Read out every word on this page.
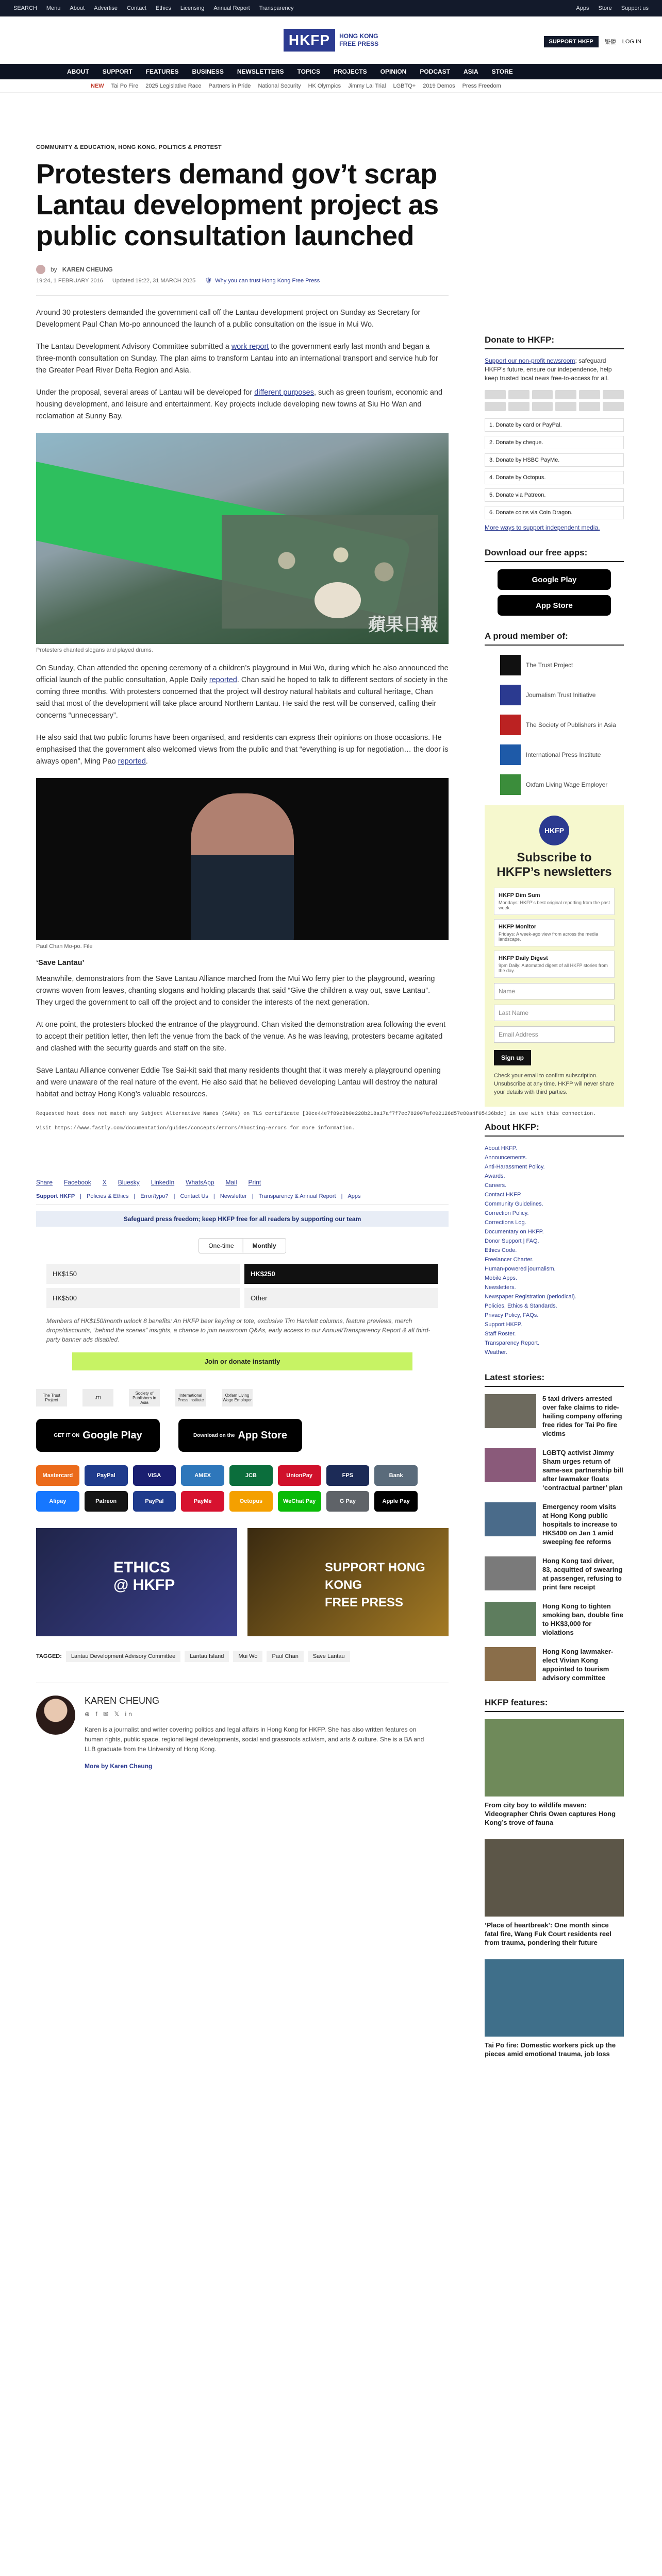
SEARCH Menu About Advertise Contact Ethics Licensing Annual Report Transparency	Apps Store Support us
HKFP	HONG KONG
FREE PRESS	SUPPORT HKFP	繁體 LOG IN
ABOUT SUPPORT FEATURES BUSINESS NEWSLETTERS TOPICS PROJECTS OPINION PODCAST ASIA STORE
NEW Tai Po Fire 2025 Legislative Race Partners in Pride National Security HK Olympics Jimmy Lai Trial LGBTQ+ 2019 Demos Press Freedom
COMMUNITY & EDUCATION, HONG KONG, POLITICS & PROTEST
Protesters demand gov’t scrap Lantau development project as public consultation launched
by KAREN CHEUNG
19:24, 1 FEBRUARY 2016 Updated 19:22, 31 MARCH 2025 🛡 Why you can trust Hong Kong Free Press

Around 30 protesters demanded the government call off the Lantau development project on Sunday as Secretary for Development Paul Chan Mo-po announced the launch of a public consultation on the issue in Mui Wo.

The Lantau Development Advisory Committee submitted a work report to the government early last month and began a three-month consultation on Sunday. The plan aims to transform Lantau into an international transport and service hub for the Greater Pearl River Delta Region and Asia.

Under the proposal, several areas of Lantau will be developed for different purposes, such as green tourism, economic and housing development, and leisure and entertainment. Key projects include developing new towns at Siu Ho Wan and reclamation at Sunny Bay.

蘋果日報
Protesters chanted slogans and played drums.

On Sunday, Chan attended the opening ceremony of a children’s playground in Mui Wo, during which he also announced the official launch of the public consultation, Apple Daily reported. Chan said he hoped to talk to different sectors of society in the coming three months. With protesters concerned that the project will destroy natural habitats and cultural heritage, Chan said that most of the development will take place around Northern Lantau. He said the rest will be conserved, calling their concerns “unnecessary”.

He also said that two public forums have been organised, and residents can express their opinions on those occasions. He emphasised that the government also welcomed views from the public and that “everything is up for negotiation… the door is always open”, Ming Pao reported.

Paul Chan Mo-po. File
‘Save Lantau’

Meanwhile, demonstrators from the Save Lantau Alliance marched from the Mui Wo ferry pier to the playground, wearing crowns woven from leaves, chanting slogans and holding placards that said “Give the children a way out, save Lantau”. They urged the government to call off the project and to consider the interests of the next generation.

At one point, the protesters blocked the entrance of the playground. Chan visited the demonstration area following the event to accept their petition letter, then left the venue from the back of the venue. As he was leaving, protesters became agitated and clashed with the security guards and staff on the site.

Save Lantau Alliance convener Eddie Tse Sai-kit said that many residents thought that it was merely a playground opening and were unaware of the real nature of the event. He also said that he believed developing Lantau will destroy the natural habitat and betray Hong Kong’s valuable resources.

Requested host does not match any Subject Alternative Names (SANs) on TLS certificate [30ce44e7f89e2b0e228b218a17af7f7ec782007afe02126d57e80a4f05436bdc] in use with this connection.

Visit https://www.fastly.com/documentation/guides/concepts/errors/#hosting-errors for more information.
Share Facebook X Bluesky LinkedIn WhatsApp Mail Print
Support HKFP | Policies & Ethics | Error/typo? | Contact Us | Newsletter | Transparency & Annual Report | Apps
Safeguard press freedom; keep HKFP free for all readers by supporting our team
One-time	Monthly
HK$150	HK$250
HK$500	Other
Members of HK$150/month unlock 8 benefits: An HKFP beer keyring or tote, exclusive Tim Hamlett columns, feature previews, merch drops/discounts, “behind the scenes” insights, a chance to join newsroom Q&As, early access to our Annual/Transparency Report & all third-party banner ads disabled.
Join or donate instantly
The Trust Project	JTI
Society of Publishers in Asia
International Press Institute
Oxfam Living Wage Employer
GET IT ON Google Play	Download on the App Store
Mastercard	PayPal	VISA	AMEX	JCB	UnionPay	FPS	Bank
Alipay	Patreon	PayPal	PayMe	Octopus	WeChat Pay	G Pay	Apple Pay
ETHICS
@ HKFP
SUPPORT HONG KONG
FREE PRESS
TAGGED:	Lantau Development Advisory Committee	Lantau Island	Mui Wo	Paul Chan	Save Lantau
KAREN CHEUNG
⊕ f ✉ 𝕏 in

Karen is a journalist and writer covering politics and legal affairs in Hong Kong for HKFP. She has also written features on human rights, public space, regional legal developments, social and grassroots activism, and arts & culture. She is a BA and LLB graduate from the University of Hong Kong.

More by Karen Cheung

Donate to HKFP:

Support our non-profit newsroom; safeguard HKFP’s future, ensure our independence, help keep trusted local news free-to-access for all.

1. Donate by card or PayPal.
2. Donate by cheque.
3. Donate by HSBC PayMe.
4. Donate by Octopus.
5. Donate via Patreon.
6. Donate coins via Coin Dragon.

More ways to support independent media.

Download our free apps:
Google Play
App Store
A proud member of:
The Trust Project
Journalism Trust Initiative
The Society of Publishers in Asia
International Press Institute
Oxfam Living Wage Employer
HKFP
Subscribe to HKFP’s newsletters
HKFP Dim Sum

Mondays: HKFP’s best original reporting from the past week.

HKFP Monitor

Fridays: A week-ago view from across the media landscape.

HKFP Daily Digest

9pm Daily: Automated digest of all HKFP stories from the day.

Name
Last Name
Email Address
Sign up
Check your email to confirm subscription. Unsubscribe at any time. HKFP will never share your details with third parties.
About HKFP:
About HKFP.
Announcements.
Anti-Harassment Policy.
Awards.
Careers.
Contact HKFP.
Community Guidelines.
Correction Policy.
Corrections Log.
Documentary on HKFP.
Donor Support | FAQ.
Ethics Code.
Freelancer Charter.
Human-powered journalism.
Mobile Apps.
Newsletters.
Newspaper Registration (periodical).
Policies, Ethics & Standards.
Privacy Policy, FAQs.
Support HKFP.
Staff Roster.
Transparency Report.
Weather.
Latest stories:

5 taxi drivers arrested over fake claims to ride-hailing company offering free rides for Tai Po fire victims

LGBTQ activist Jimmy Sham urges return of same-sex partnership bill after lawmaker floats ‘contractual partner’ plan

Emergency room visits at Hong Kong public hospitals to increase to HK$400 on Jan 1 amid sweeping fee reforms

Hong Kong taxi driver, 83, acquitted of swearing at passenger, refusing to print fare receipt

Hong Kong to tighten smoking ban, double fine to HK$3,000 for violations

Hong Kong lawmaker-elect Vivian Kong appointed to tourism advisory committee

HKFP features:

From city boy to wildlife maven: Videographer Chris Owen captures Hong Kong’s trove of fauna

‘Place of heartbreak’: One month since fatal fire, Wang Fuk Court residents reel from trauma, pondering their future

Tai Po fire: Domestic workers pick up the pieces amid emotional trauma, job loss
